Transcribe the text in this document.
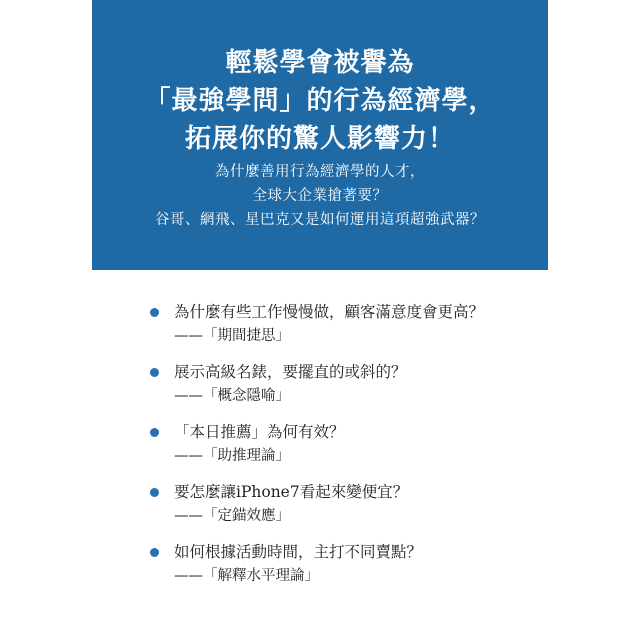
輕鬆學會被譽為
「最強學問」的行為經濟學，
拓展你的驚人影響力！
為什麼善用行為經濟學的人才，
全球大企業搶著要？
谷哥、網飛、星巴克又是如何運用這項超強武器？
為什麼有些工作慢慢做，顧客滿意度會更高？
——「期間捷思」
展示高級名錶，要擺直的或斜的？
——「概念隱喻」
「本日推薦」為何有效？
——「助推理論」
要怎麼讓iPhone7看起來變便宜？
——「定錨效應」
如何根據活動時間，主打不同賣點？
——「解釋水平理論」
